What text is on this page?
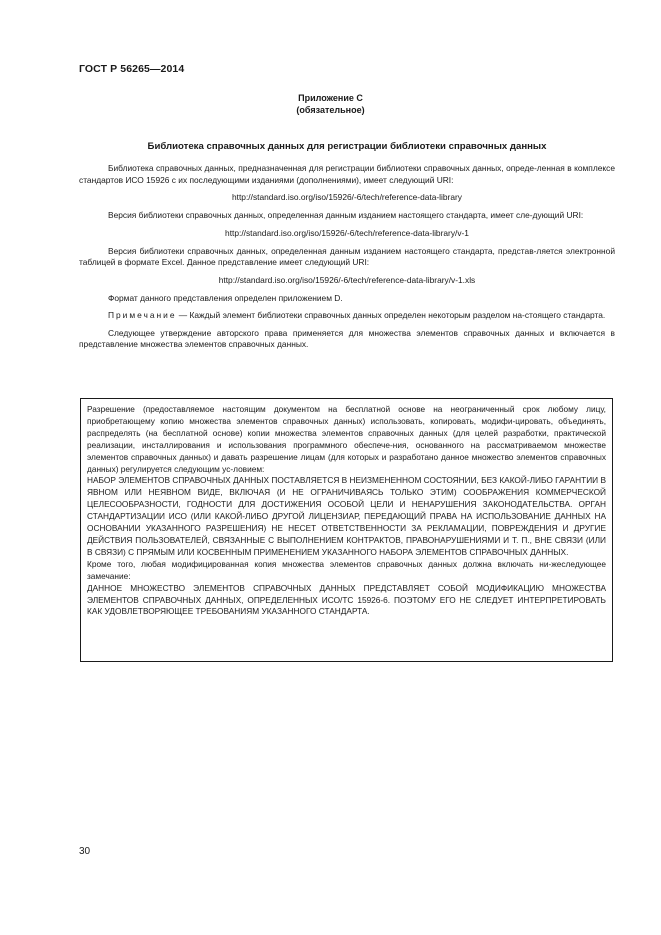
ГОСТ Р 56265—2014
Приложение С
(обязательное)
Библиотека справочных данных для регистрации библиотеки справочных данных

Библиотека справочных данных, предназначенная для регистрации библиотеки справочных данных, опреде-ленная в комплексе стандартов ИСО 15926 с их последующими изданиями (дополнениями), имеет следующий URI:

http://standard.iso.org/iso/15926/-6/tech/reference-data-library

Версия библиотеки справочных данных, определенная данным изданием настоящего стандарта, имеет сле-дующий URI:

http://standard.iso.org/iso/15926/-6/tech/reference-data-library/v-1

Версия библиотеки справочных данных, определенная данным изданием настоящего стандарта, представ-ляется электронной таблицей в формате Excel. Данное представление имеет следующий URI:

http://standard.iso.org/iso/15926/-6/tech/reference-data-library/v-1.xls

Формат данного представления определен приложением D.

Примечание — Каждый элемент библиотеки справочных данных определен некоторым разделом на-стоящего стандарта.

Следующее утверждение авторского права применяется для множества элементов справочных данных и включается в представление множества элементов справочных данных.

Разрешение (предоставляемое настоящим документом на бесплатной основе на неограниченный срок любому лицу, приобретающему копию множества элементов справочных данных) использовать, копировать, модифи-цировать, объединять, распределять (на бесплатной основе) копии множества элементов справочных данных (для целей разработки, практической реализации, инсталлирования и использования программного обеспече-ния, основанного на рассматриваемом множестве элементов справочных данных) и давать разрешение лицам (для которых и разработано данное множество элементов справочных данных) регулируется следующим ус-ловием:

НАБОР ЭЛЕМЕНТОВ СПРАВОЧНЫХ ДАННЫХ ПОСТАВЛЯЕТСЯ В НЕИЗМЕНЕННОМ СОСТОЯНИИ, БЕЗ КАКОЙ-ЛИБО ГАРАНТИИ В ЯВНОМ ИЛИ НЕЯВНОМ ВИДЕ, ВКЛЮЧАЯ (И НЕ ОГРАНИЧИВАЯСЬ ТОЛЬКО ЭТИМ) СООБРАЖЕНИЯ КОММЕРЧЕСКОЙ ЦЕЛЕСООБРАЗНОСТИ, ГОДНОСТИ ДЛЯ ДОСТИЖЕНИЯ ОСОБОЙ ЦЕЛИ И НЕНАРУШЕНИЯ ЗАКОНОДАТЕЛЬСТВА. ОРГАН СТАНДАРТИЗАЦИИ ИСО (ИЛИ КАКОЙ-ЛИБО ДРУГОЙ ЛИЦЕНЗИАР, ПЕРЕДАЮЩИЙ ПРАВА НА ИСПОЛЬЗОВАНИЕ ДАННЫХ НА ОСНОВАНИИ УКАЗАННОГО РАЗРЕШЕНИЯ) НЕ НЕСЕТ ОТВЕТСТВЕННОСТИ ЗА РЕКЛАМАЦИИ, ПОВРЕЖДЕНИЯ И ДРУГИЕ ДЕЙСТВИЯ ПОЛЬЗОВАТЕЛЕЙ, СВЯЗАННЫЕ С ВЫПОЛНЕНИЕМ КОНТРАКТОВ, ПРАВОНАРУШЕНИЯМИ И Т. П., ВНЕ СВЯЗИ (ИЛИ В СВЯЗИ) С ПРЯМЫМ ИЛИ КОСВЕННЫМ ПРИМЕНЕНИЕМ УКАЗАННОГО НАБОРА ЭЛЕМЕНТОВ СПРАВОЧНЫХ ДАННЫХ.

Кроме того, любая модифицированная копия множества элементов справочных данных должна включать ни-жеследующее замечание:

ДАННОЕ МНОЖЕСТВО ЭЛЕМЕНТОВ СПРАВОЧНЫХ ДАННЫХ ПРЕДСТАВЛЯЕТ СОБОЙ МОДИФИКАЦИЮ МНОЖЕСТВА ЭЛЕМЕНТОВ СПРАВОЧНЫХ ДАННЫХ, ОПРЕДЕЛЕННЫХ ИСО/ТС 15926-6. ПОЭТОМУ ЕГО НЕ СЛЕДУЕТ ИНТЕРПРЕТИРОВАТЬ КАК УДОВЛЕТВОРЯЮЩЕЕ ТРЕБОВАНИЯМ УКАЗАННОГО СТАНДАРТА.

30
